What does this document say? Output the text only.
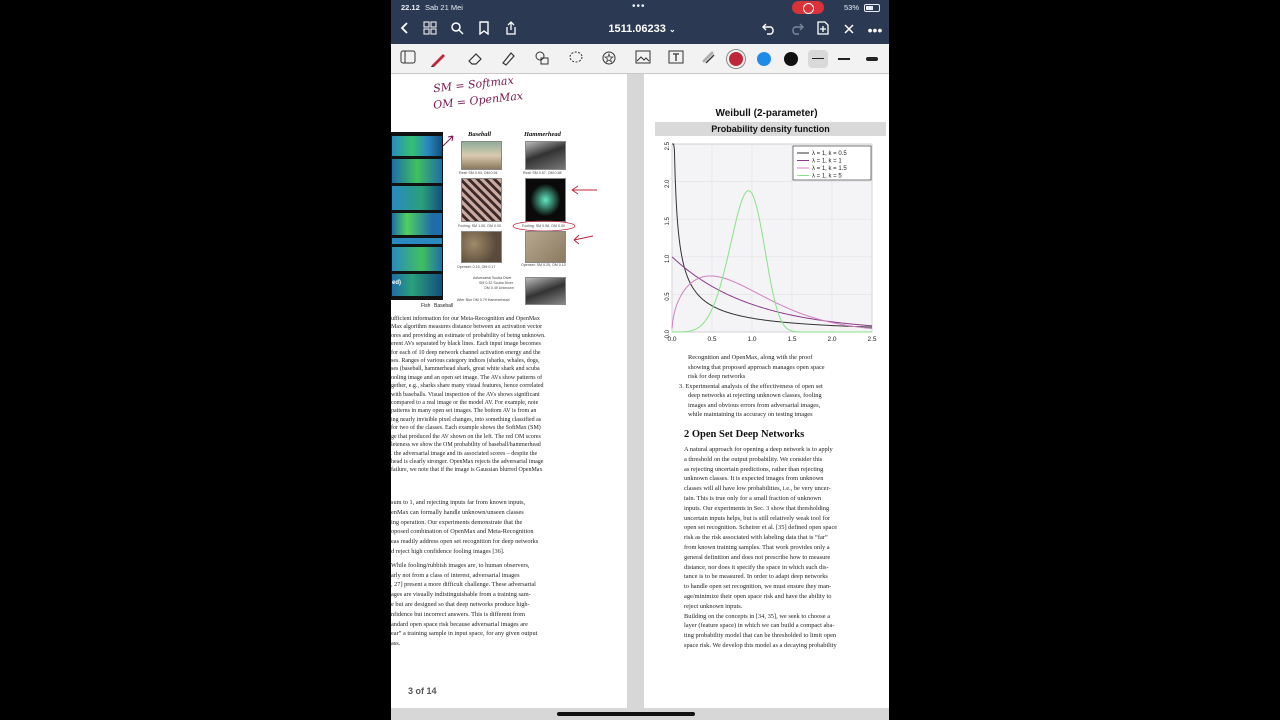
22.12 Sab 21 Mei	•••	53%
1511.06233 ⌄	•••
SM = Softmax
OM = OpenMax
ed)
Fish Baseball
Baseball	Hammerhead
Real: SM 0.94, OM 0.94	Real: SM 0.57, OM 0.58
Fooling: SM 1.00, OM 0.00	Fooling: SM 0.98, OM 0.00
Openset: 0.15, OM 0.17	Openset: SM 0.25, OM 0.10
Adversarial Scuba Diver
SM 0.32 Scuba Diver
OM 0.49 Unknown
After Blur OM 0.79 Hammerhead

ufficient information for our Meta-Recognition and OpenMax

Max algorithm measures distance between an activation vector

ores and providing an estimate of probability of being unknown.

erent AVs separated by black lines. Each input image becomes

for each of 10 deep network channel activation energy and the

ses. Ranges of various category indices (sharks, whales, dogs,

ses (baseball, hammerhead shark, great white shark and scuba

ooling image and an open set image. The AVs show patterns of

gether, e.g., sharks share many visual features, hence correlated

with baseballs. Visual inspection of the AVs shows significant

compared to a real image or the model AV. For example, note

patterns in many open set images. The bottom AV is from an

ing nearly invisible pixel changes, into something classified as

for two of the classes. Each example shows the SoftMax (SM)

ge that produced the AV shown on the left. The red OM scores

leteness we show the OM probability of baseball/hammerhead

. the adversarial image and its associated scores – despite the

head is clearly stronger. OpenMax rejects the adversarial image

failure, we note that if the image is Gaussian blurred OpenMax

sum to 1, and rejecting inputs far from known inputs,

enMax can formally handle unknown/unseen classes

ing operation. Our experiments demonstrate that the

oposed combination of OpenMax and Meta-Recognition

eas readily address open set recognition for deep networks

d reject high confidence fooling images [36].

While fooling/rubbish images are, to human observers,

arly not from a class of interest, adversarial images

, 27] present a more difficult challenge. These adversarial

ages are visually indistinguishable from a training sam-

e but are designed so that deep networks produce high-

nfidence but incorrect answers. This is different from

andard open space risk because adversarial images are

ear” a training sample in input space, for any given output

ass.

3 of 14
Weibull (2-parameter)
Probability density function
0.0	0.5	1.0	1.5	2.0	2.5
0.0
0.5
1.0
1.5
2.0
2.5
λ = 1, k = 0.5
λ = 1, k = 1
λ = 1, k = 1.5
λ = 1, k = 5

Recognition and OpenMax, along with the proof

showing that proposed approach manages open space

risk for deep networks

3. Experimental analysis of the effectiveness of open set

deep networks at rejecting unknown classes, fooling

images and obvious errors from adversarial images,

while maintaining its accuracy on testing images

2 Open Set Deep Networks

A natural approach for opening a deep network is to apply

a threshold on the output probability. We consider this

as rejecting uncertain predictions, rather than rejecting

unknown classes. It is expected images from unknown

classes will all have low probabilities, i.e., be very uncer-

tain. This is true only for a small fraction of unknown

inputs. Our experiments in Sec. 3 show that thresholding

uncertain inputs helps, but is still relatively weak tool for

open set recognition. Scheirer et al. [35] defined open space

risk as the risk associated with labeling data that is “far”

from known training samples. That work provides only a

general definition and does not prescribe how to measure

distance, nor does it specify the space in which such dis-

tance is to be measured. In order to adapt deep networks

to handle open set recognition, we must ensure they man-

age/minimize their open space risk and have the ability to

reject unknown inputs.

Building on the concepts in [34, 35], we seek to choose a

layer (feature space) in which we can build a compact aba-

ting probability model that can be thresholded to limit open

space risk. We develop this model as a decaying probability
